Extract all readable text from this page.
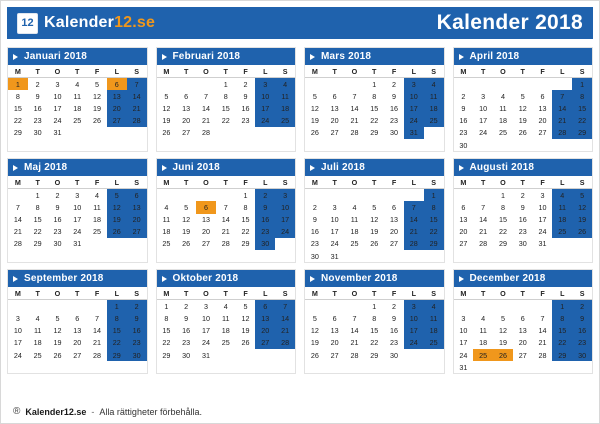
12 Kalender12.se	Kalender 2018
Januari 2018
M	T	O	T	F	L	S
1	2	3	4	5	6	7
8	9	10	11	12	13	14
15	16	17	18	19	20	21
22	23	24	25	26	27	28
29	30	31				
Februari 2018
M	T	O	T	F	L	S
			1	2	3	4
5	6	7	8	9	10	11
12	13	14	15	16	17	18
19	20	21	22	23	24	25
26	27	28				
Mars 2018
M	T	O	T	F	L	S
			1	2	3	4
5	6	7	8	9	10	11
12	13	14	15	16	17	18
19	20	21	22	23	24	25
26	27	28	29	30	31	
April 2018
M	T	O	T	F	L	S
						1
2	3	4	5	6	7	8
9	10	11	12	13	14	15
16	17	18	19	20	21	22
23	24	25	26	27	28	29
30						
Maj 2018
M	T	O	T	F	L	S
	1	2	3	4	5	6
7	8	9	10	11	12	13
14	15	16	17	18	19	20
21	22	23	24	25	26	27
28	29	30	31			
Juni 2018
M	T	O	T	F	L	S
				1	2	3
4	5	6	7	8	9	10
11	12	13	14	15	16	17
18	19	20	21	22	23	24
25	26	27	28	29	30	
Juli 2018
M	T	O	T	F	L	S
						1
2	3	4	5	6	7	8
9	10	11	12	13	14	15
16	17	18	19	20	21	22
23	24	25	26	27	28	29
30	31					
Augusti 2018
M	T	O	T	F	L	S
		1	2	3	4	5
6	7	8	9	10	11	12
13	14	15	16	17	18	19
20	21	22	23	24	25	26
27	28	29	30	31		
September 2018
M	T	O	T	F	L	S
					1	2
3	4	5	6	7	8	9
10	11	12	13	14	15	16
17	18	19	20	21	22	23
24	25	26	27	28	29	30
Oktober 2018
M	T	O	T	F	L	S
1	2	3	4	5	6	7
8	9	10	11	12	13	14
15	16	17	18	19	20	21
22	23	24	25	26	27	28
29	30	31				
November 2018
M	T	O	T	F	L	S
			1	2	3	4
5	6	7	8	9	10	11
12	13	14	15	16	17	18
19	20	21	22	23	24	25
26	27	28	29	30		
December 2018
M	T	O	T	F	L	S
					1	2
3	4	5	6	7	8	9
10	11	12	13	14	15	16
17	18	19	20	21	22	23
24	25	26	27	28	29	30
31						
® Kalender12.se - Alla rättigheter förbehålla.
